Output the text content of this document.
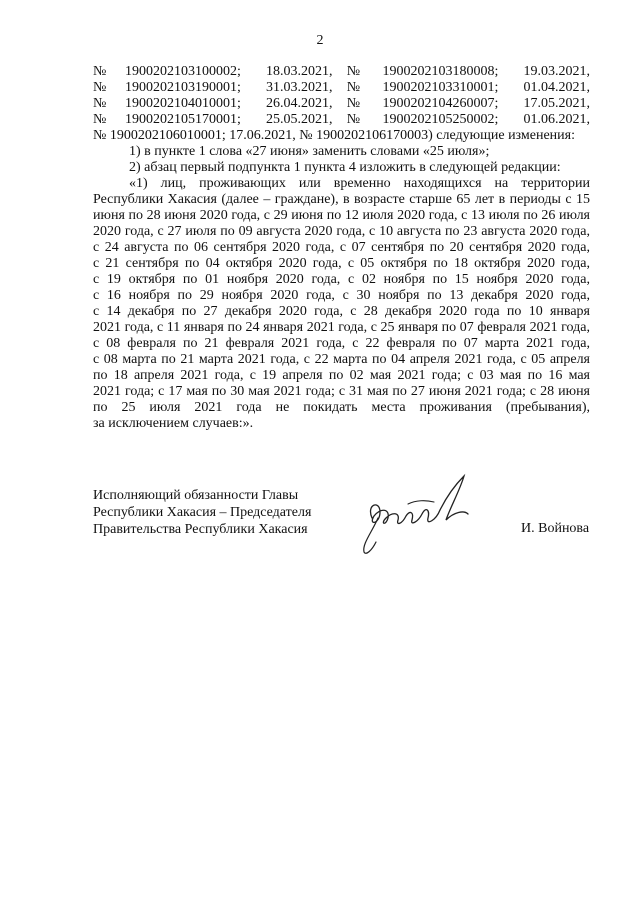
2
№	1900202103100002;	18.03.2021,	№	1900202103180008;	19.03.2021,
№	1900202103190001;	31.03.2021,	№	1900202103310001;	01.04.2021,
№	1900202104010001;	26.04.2021,	№	1900202104260007;	17.05.2021,
№	1900202105170001;	25.05.2021,	№	1900202105250002;	01.06.2021,
№ 1900202106010001; 17.06.2021, № 1900202106170003) следующие изменения:
1) в пункте 1 слова «27 июня» заменить словами «25 июля»;
2) абзац первый подпункта 1 пункта 4 изложить в следующей редакции:
«1) лиц, проживающих или временно находящихся на территории
Республики Хакасия (далее – граждане), в возрасте старше 65 лет в периоды с 15
июня по 28 июня 2020 года, с 29 июня по 12 июля 2020 года, с 13 июля по 26 июля
2020 года, с 27 июля по 09 августа 2020 года, с 10 августа по 23 августа 2020 года,
с 24 августа по 06 сентября 2020 года, с 07 сентября по 20 сентября 2020 года,
с 21 сентября по 04 октября 2020 года, с 05 октября по 18 октября 2020 года,
с 19 октября по 01 ноября 2020 года, с 02 ноября по 15 ноября 2020 года,
с 16 ноября по 29 ноября 2020 года, с 30 ноября по 13 декабря 2020 года,
с 14 декабря по 27 декабря 2020 года, с 28 декабря 2020 года по 10 января
2021 года, с 11 января по 24 января 2021 года, с 25 января по 07 февраля 2021 года,
с 08 февраля по 21 февраля 2021 года, с 22 февраля по 07 марта 2021 года,
с 08 марта по 21 марта 2021 года, с 22 марта по 04 апреля 2021 года, с 05 апреля
по 18 апреля 2021 года, с 19 апреля по 02 мая 2021 года; с 03 мая по 16 мая
2021 года; с 17 мая по 30 мая 2021 года; с 31 мая по 27 июня 2021 года; с 28 июня
по 25 июля 2021 года не покидать места проживания (пребывания),
за исключением случаев:».
Исполняющий обязанности Главы
Республики Хакасия – Председателя
Правительства Республики Хакасия	И. Войнова
